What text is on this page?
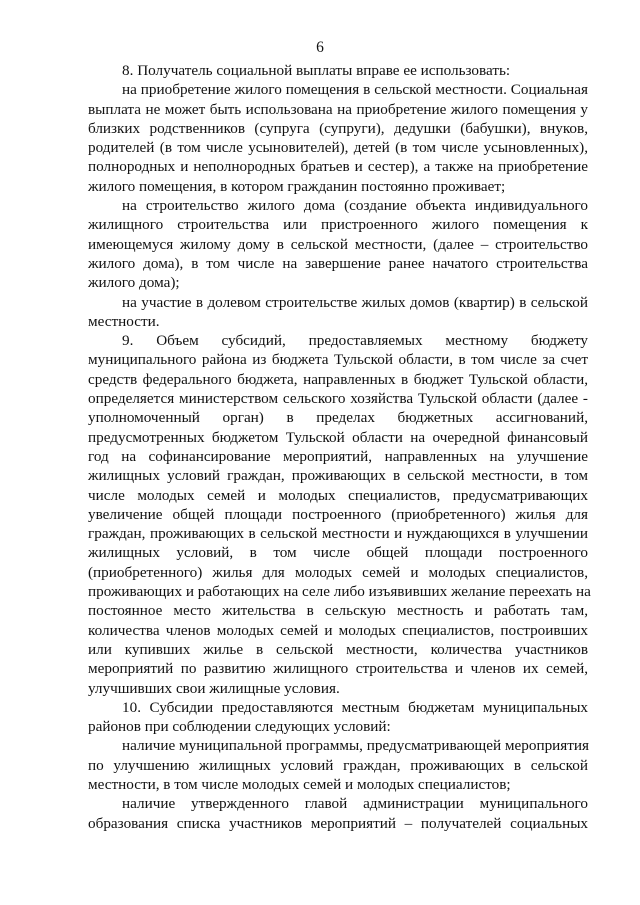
6
8. Получатель социальной выплаты вправе ее использовать:
на приобретение жилого помещения в сельской местности. Социальная
выплата не может быть использована на приобретение жилого помещения у
близких родственников (супруга (супруги), дедушки (бабушки), внуков,
родителей (в том числе усыновителей), детей (в том числе усыновленных),
полнородных и неполнородных братьев и сестер), а также на приобретение
жилого помещения, в котором гражданин постоянно проживает;
на строительство жилого дома (создание объекта индивидуального
жилищного строительства или пристроенного жилого помещения к
имеющемуся жилому дому в сельской местности, (далее – строительство
жилого дома), в том числе на завершение ранее начатого строительства
жилого дома);
на участие в долевом строительстве жилых домов (квартир) в сельской
местности.
9. Объем субсидий, предоставляемых местному бюджету
муниципального района из бюджета Тульской области, в том числе за счет
средств федерального бюджета, направленных в бюджет Тульской области,
определяется министерством сельского хозяйства Тульской области (далее -
уполномоченный орган) в пределах бюджетных ассигнований,
предусмотренных бюджетом Тульской области на очередной финансовый
год на софинансирование мероприятий, направленных на улучшение
жилищных условий граждан, проживающих в сельской местности, в том
числе молодых семей и молодых специалистов, предусматривающих
увеличение общей площади построенного (приобретенного) жилья для
граждан, проживающих в сельской местности и нуждающихся в улучшении
жилищных условий, в том числе общей площади построенного
(приобретенного) жилья для молодых семей и молодых специалистов,
проживающих и работающих на селе либо изъявивших желание переехать на
постоянное место жительства в сельскую местность и работать там,
количества членов молодых семей и молодых специалистов, построивших
или купивших жилье в сельской местности, количества участников
мероприятий по развитию жилищного строительства и членов их семей,
улучшивших свои жилищные условия.
10. Субсидии предоставляются местным бюджетам муниципальных
районов при соблюдении следующих условий:
наличие муниципальной программы, предусматривающей мероприятия
по улучшению жилищных условий граждан, проживающих в сельской
местности, в том числе молодых семей и молодых специалистов;
наличие утвержденного главой администрации муниципального
образования списка участников мероприятий – получателей социальных
